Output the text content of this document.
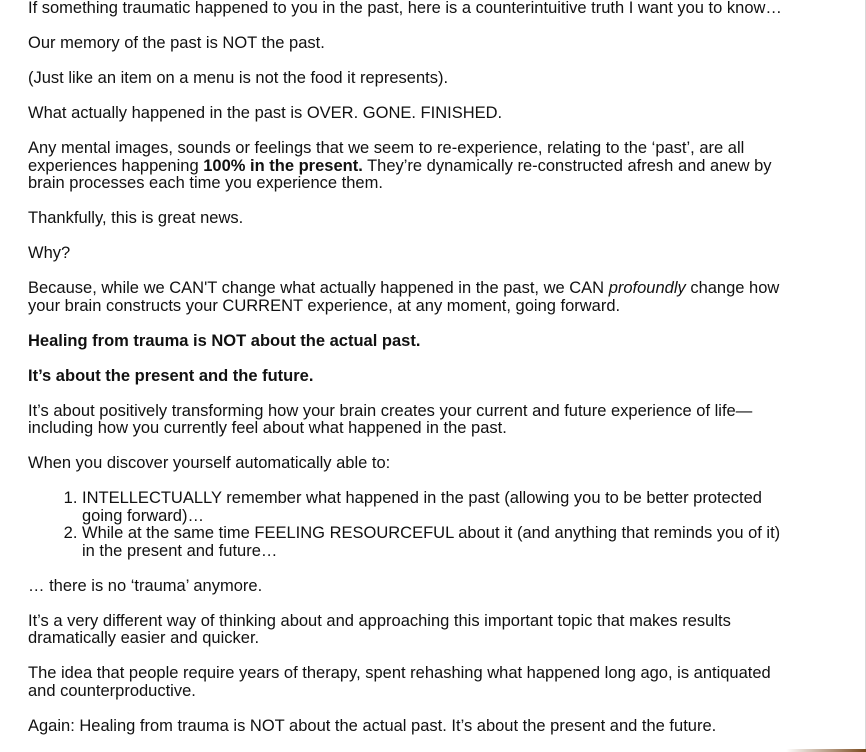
If something traumatic happened to you in the past, here is a counterintuitive truth I want you to know…

Our memory of the past is NOT the past.

(Just like an item on a menu is not the food it represents).

What actually happened in the past is OVER. GONE. FINISHED.

Any mental images, sounds or feelings that we seem to re-experience, relating to the ‘past’, are all experiences happening 100% in the present. They’re dynamically re-constructed afresh and anew by brain processes each time you experience them.

Thankfully, this is great news.

Why?

Because, while we CAN'T change what actually happened in the past, we CAN profoundly change how your brain constructs your CURRENT experience, at any moment, going forward.

Healing from trauma is NOT about the actual past.

It’s about the present and the future.

It’s about positively transforming how your brain creates your current and future experience of life—including how you currently feel about what happened in the past.

When you discover yourself automatically able to:

1. INTELLECTUALLY remember what happened in the past (allowing you to be better protected going forward)…
2. While at the same time FEELING RESOURCEFUL about it (and anything that reminds you of it) in the present and future…

… there is no ‘trauma’ anymore.

It’s a very different way of thinking about and approaching this important topic that makes results dramatically easier and quicker.

The idea that people require years of therapy, spent rehashing what happened long ago, is antiquated and counterproductive.

Again: Healing from trauma is NOT about the actual past. It’s about the present and the future.
